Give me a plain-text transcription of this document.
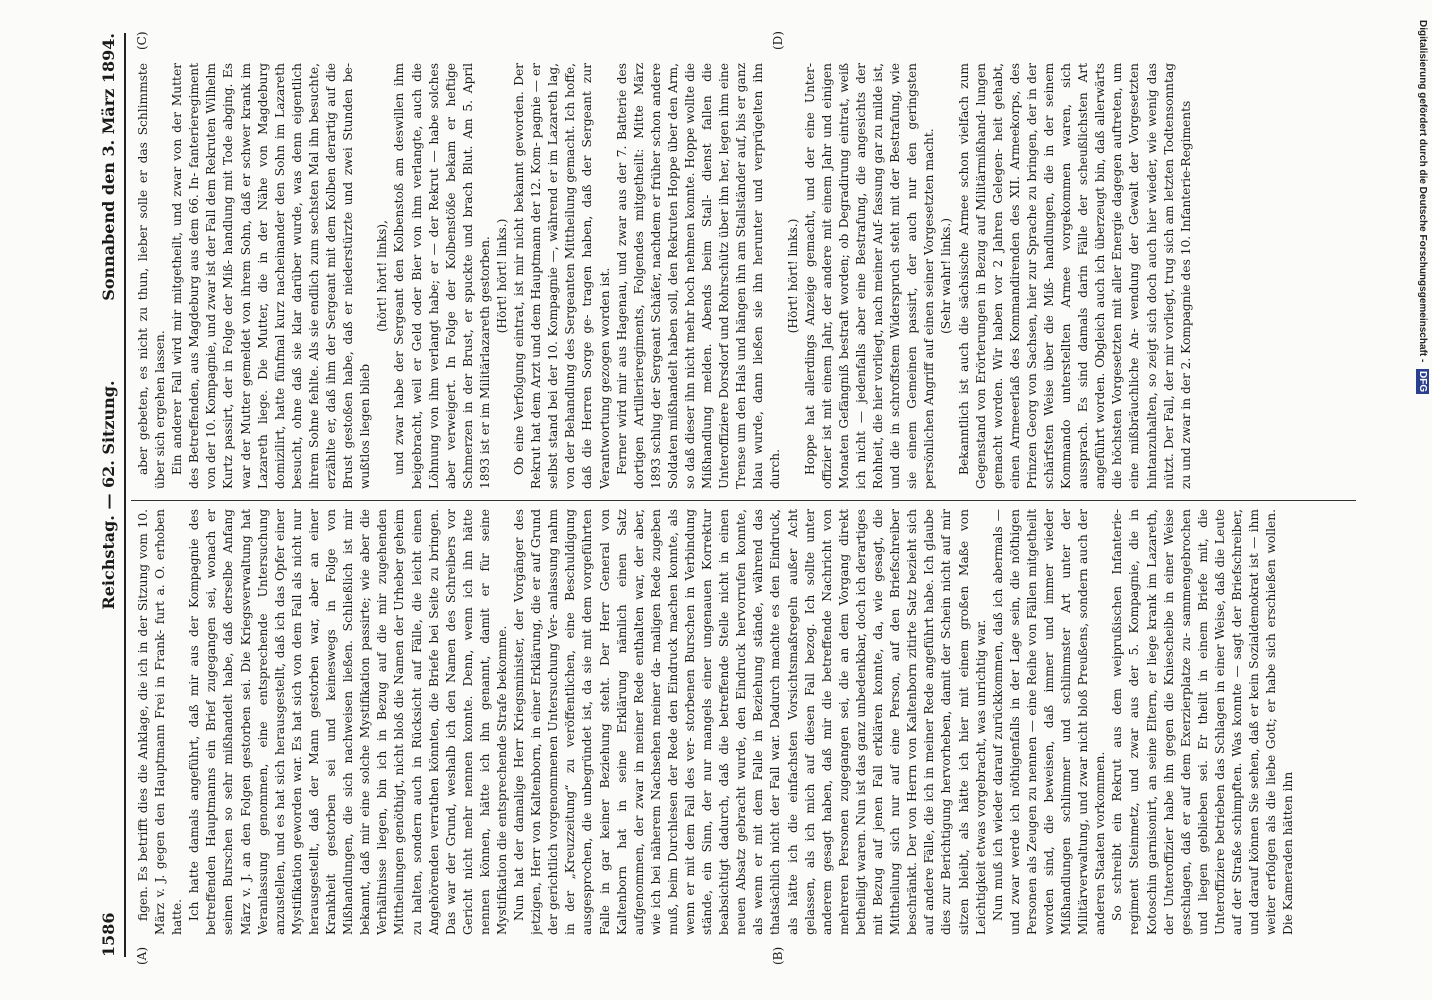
1586
Reichstag. — 62. Sitzung.
Sonnabend den 3. März 1894.
(A)	(B)
(C)	(D)

figen. Es betrifft dies die Anklage, die ich in der Sitzung vom 10. März v. J. gegen den Hauptmann Frei in Frank- furt a. O. erhoben hatte. Ich hatte damals angeführt, daß mir aus der Kompagnie des betreffenden Hauptmanns ein Brief zugegangen sei, wonach er seinen Burschen so sehr mißhandelt habe, daß derselbe Anfang März v. J. an den Folgen gestorben sei. Die Kriegsverwaltung hat Veranlassung genommen, eine entsprechende Untersuchung anzustellen, und es hat sich herausgestellt, daß ich das Opfer einer Mystifikation geworden war. Es hat sich von dem Fall als nicht nur herausgestellt, daß der Mann gestorben war, aber an einer Krankheit gestorben sei und keineswegs in Folge von Mißhandlungen, die sich nachweisen ließen. Schließlich ist mir bekannt, daß mir eine solche Mystifikation passirte; wie aber die Verhältnisse liegen, bin ich in Bezug auf die mir zugehenden Mittheilungen genöthigt, nicht bloß die Namen der Urheber geheim zu halten, sondern auch in Rücksicht auf Fälle, die leicht einen Angehörenden verrathen könnten, die Briefe bei Seite zu bringen. Das war der Grund, weshalb ich den Namen des Schreibers vor Gericht nicht mehr nennen konnte. Denn, wenn ich ihn hätte nennen können, hätte ich ihn genannt, damit er für seine Mystifikation die entsprechende Strafe bekomme. Nun hat der damalige Herr Kriegsminister, der Vorgänger des jetzigen, Herr von Kaltenborn, in einer Erklärung, die er auf Grund der gerichtlich vorgenommenen Untersuchung Ver- anlassung nahm in der „Kreuzzeitung“ zu veröffentlichen, eine Beschuldigung ausgesprochen, die unbegründet ist, da sie mit dem vorgeführten Falle in gar keiner Beziehung steht. Der Herr General von Kaltenborn hat in seine Erklärung nämlich einen Satz aufgenommen, der zwar in meiner Rede enthalten war, der aber, wie ich bei näherem Nachsehen meiner da- maligen Rede zugeben muß, beim Durchlesen der Rede den Eindruck machen konnte, als wenn er mit dem Fall des ver- storbenen Burschen in Verbindung stände, ein Sinn, der nur mangels einer ungenauen Korrektur beabsichtigt dadurch, daß die betreffende Stelle nicht in einen neuen Absatz gebracht wurde, den Eindruck hervorrufen konnte, als wenn er mit dem Falle in Beziehung stände, während das thatsächlich nicht der Fall war. Dadurch machte es den Eindruck, als hätte ich die einfachsten Vorsichtsmaßregeln außer Acht gelassen, als ich mich auf diesen Fall bezog. Ich sollte unter anderem gesagt haben, daß mir die betreffende Nachricht von mehreren Personen zugegangen sei, die an dem Vorgang direkt betheiligt waren. Nun ist das ganz unbedenkbar, doch ich derartiges mit Bezug auf jenen Fall erklären konnte, da, wie gesagt, die Mittheilung sich nur auf eine Person, auf den Briefschreiber beschränkt. Der von Herrn von Kaltenborn zitirte Satz bezieht sich auf andere Fälle, die ich in meiner Rede angeführt habe. Ich glaube dies zur Berichtigung hervorheben, damit der Schein nicht auf mir sitzen bleibt, als hätte ich hier mit einem großen Maße von Leichtigkeit etwas vorgebracht, was unrichtig war. Nun muß ich wieder darauf zurückkommen, daß ich abermals — und zwar werde ich nöthigenfalls in der Lage sein, die nöthigen Personen als Zeugen zu nennen — eine Reihe von Fällen mitgetheilt worden sind, die beweisen, daß immer und immer wieder Mißhandlungen schlimmer und schlimmster Art unter der Militärverwaltung, und zwar nicht bloß Preußens, sondern auch der anderen Staaten vorkommen. So schreibt ein Rekrut aus dem weiprußischen Infanterie- regiment Steinmetz, und zwar aus der 5. Kompagnie, die in Kotoschin garnisonirt, an seine Eltern, er liege krank im Lazareth, der Unteroffizier habe ihn gegen die Kniescheibe in einer Weise geschlagen, daß er auf dem Exerzierplatze zu- sammengebrochen und liegen geblieben sei. Er theilt in einem Briefe mit, die Unteroffiziere betrieben das Schlagen in einer Weise, daß die Leute auf der Straße schimpften. Was konnte — sagt der Briefschreiber, und darauf können Sie sehen, daß er kein Sozialdemokrat ist — ihm weiter erfolgen als die liebe Gott; er habe sich erschießen wollen. Die Kameraden hätten ihn

aber gebeten, es nicht zu thun, lieber solle er das Schlimmste über sich ergehen lassen. Ein anderer Fall wird mir mitgetheilt, und zwar von der Mutter des Betreffenden, aus Magdeburg aus dem 66. In- fanterieregiment von der 10. Kompagnie, und zwar ist der Fall dem Rekruten Wilhelm Kurtz passirt, der in Folge der Miß- handlung mit Tode abging. Es war der Mutter gemeldet von ihrem Sohn, daß er schwer krank im Lazareth liege. Die Mutter, die in der Nähe von Magdeburg domizilirt, hatte fünfmal kurz nacheinander den Sohn im Lazareth besucht, ohne daß sie klar darüber wurde, was denn eigentlich ihrem Sohne fehlte. Als sie endlich zum sechsten Mal ihn besuchte, erzählte er, daß ihm der Sergeant mit dem Kolben derartig auf die Brust gestoßen habe, daß er niederstürzte und zwei Stunden be- wußtlos liegen blieb

(hört! hört! links), und zwar habe der Sergeant den Kolbenstoß am deswillen ihm beigebracht, weil er Geld oder Bier von ihm verlangte, auch die Löhnung von ihm verlangt habe; er — der Rekrut — habe solches aber verweigert. In Folge der Kolbenstöße bekam er heftige Schmerzen in der Brust, er spuckte und brach Blut. Am 5. April 1893 ist er im Militärlazareth gestorben. (Hört! hört! links.) Ob eine Verfolgung eintrat, ist mir nicht bekannt geworden. Der Rekrut hat dem Arzt und dem Hauptmann der 12. Kom- pagnie — er selbst stand bei der 10. Kompagnie —, während er im Lazareth lag, von der Behandlung des Sergeanten Mittheilung gemacht. Ich hoffe, daß die Herren Sorge ge- tragen haben, daß der Sergeant zur Verantwortung gezogen worden ist. Ferner wird mir aus Hagenau, und zwar aus der 7. Batterie des dortigen Artillerieregiments, Folgendes mitgetheilt: Mitte März 1893 schlug der Sergeant Schäfer, nachdem er früher schon andere Soldaten mißhandelt haben soll, den Rekruten Hoppe über den Arm, so daß dieser ihn nicht mehr hoch nehmen konnte. Hoppe wollte die Mißhandlung melden. Abends beim Stall- dienst fallen die Unteroffiziere Dorsdorf und Rohrschütz über ihn her, legen ihm eine Trense um den Hals und hängen ihn am Stallständer auf, bis er ganz blau wurde, dann ließen sie ihn herunter und verprügelten ihn durch.

(Hört! hört! links.) Hoppe hat allerdings Anzeige gemacht, und der eine Unter- offizier ist mit einem Jahr, der andere mit einem Jahr und einigen Monaten Gefängniß bestraft worden; ob Degradirung eintrat, weiß ich nicht — jedenfalls aber eine Bestrafung, die angesichts der Rohheit, die hier vorliegt, nach meiner Auf- fassung gar zu milde ist, und die in schroffstem Widerspruch steht mit der Bestrafung, wie sie einem Gemeinen passirt, der auch nur den geringsten persönlichen Angriff auf einen seiner Vorgesetzten macht. (Sehr wahr! links.) Bekanntlich ist auch die sächsische Armee schon vielfach zum Gegenstand von Erörterungen in Bezug auf Militärmißhand- lungen gemacht worden. Wir haben vor 2 Jahren Gelegen- heit gehabt, einen Armeeerlaß des Kommandirenden des XII. Armeekorps, des Prinzen Georg von Sachsen, hier zur Sprache zu bringen, der in der schärfsten Weise über die Miß- handlungen, die in der seinem Kommando unterstellten Armee vorgekommen waren, sich aussprach. Es sind damals darin Fälle der scheußlichsten Art angeführt worden. Obgleich auch ich überzeugt bin, daß allerwärts die höchsten Vorgesetzten mit aller Energie dagegen auftreten, um eine mißbräuchliche An- wendung der Gewalt der Vorgesetzten hintanzuhalten, so zeigt sich doch auch hier wieder, wie wenig das nützt. Der Fall, der mir vorliegt, trug sich am letzten Todtensonntag zu und zwar in der 2. Kompagnie des 10. Infanterie-Regiments	Digitalisierung gefördert durch die Deutsche Forschungsgemeinschaft - DFG
